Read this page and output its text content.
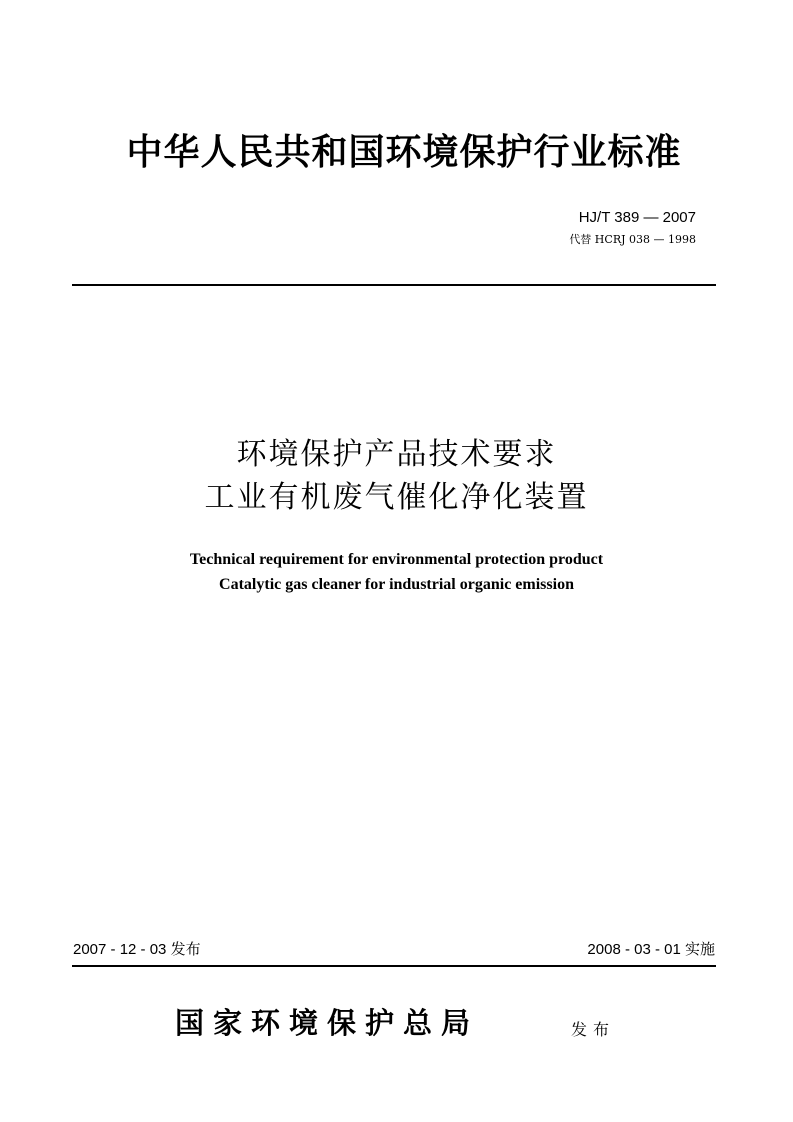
中华人民共和国环境保护行业标准
HJ/T 389 — 2007
代替 HCRJ 038 — 1998
环境保护产品技术要求
工业有机废气催化净化装置
Technical requirement for environmental protection product
Catalytic gas cleaner for industrial organic emission
2007 - 12 - 03 发布	2008 - 03 - 01 实施
国家环境保护总局	发布
